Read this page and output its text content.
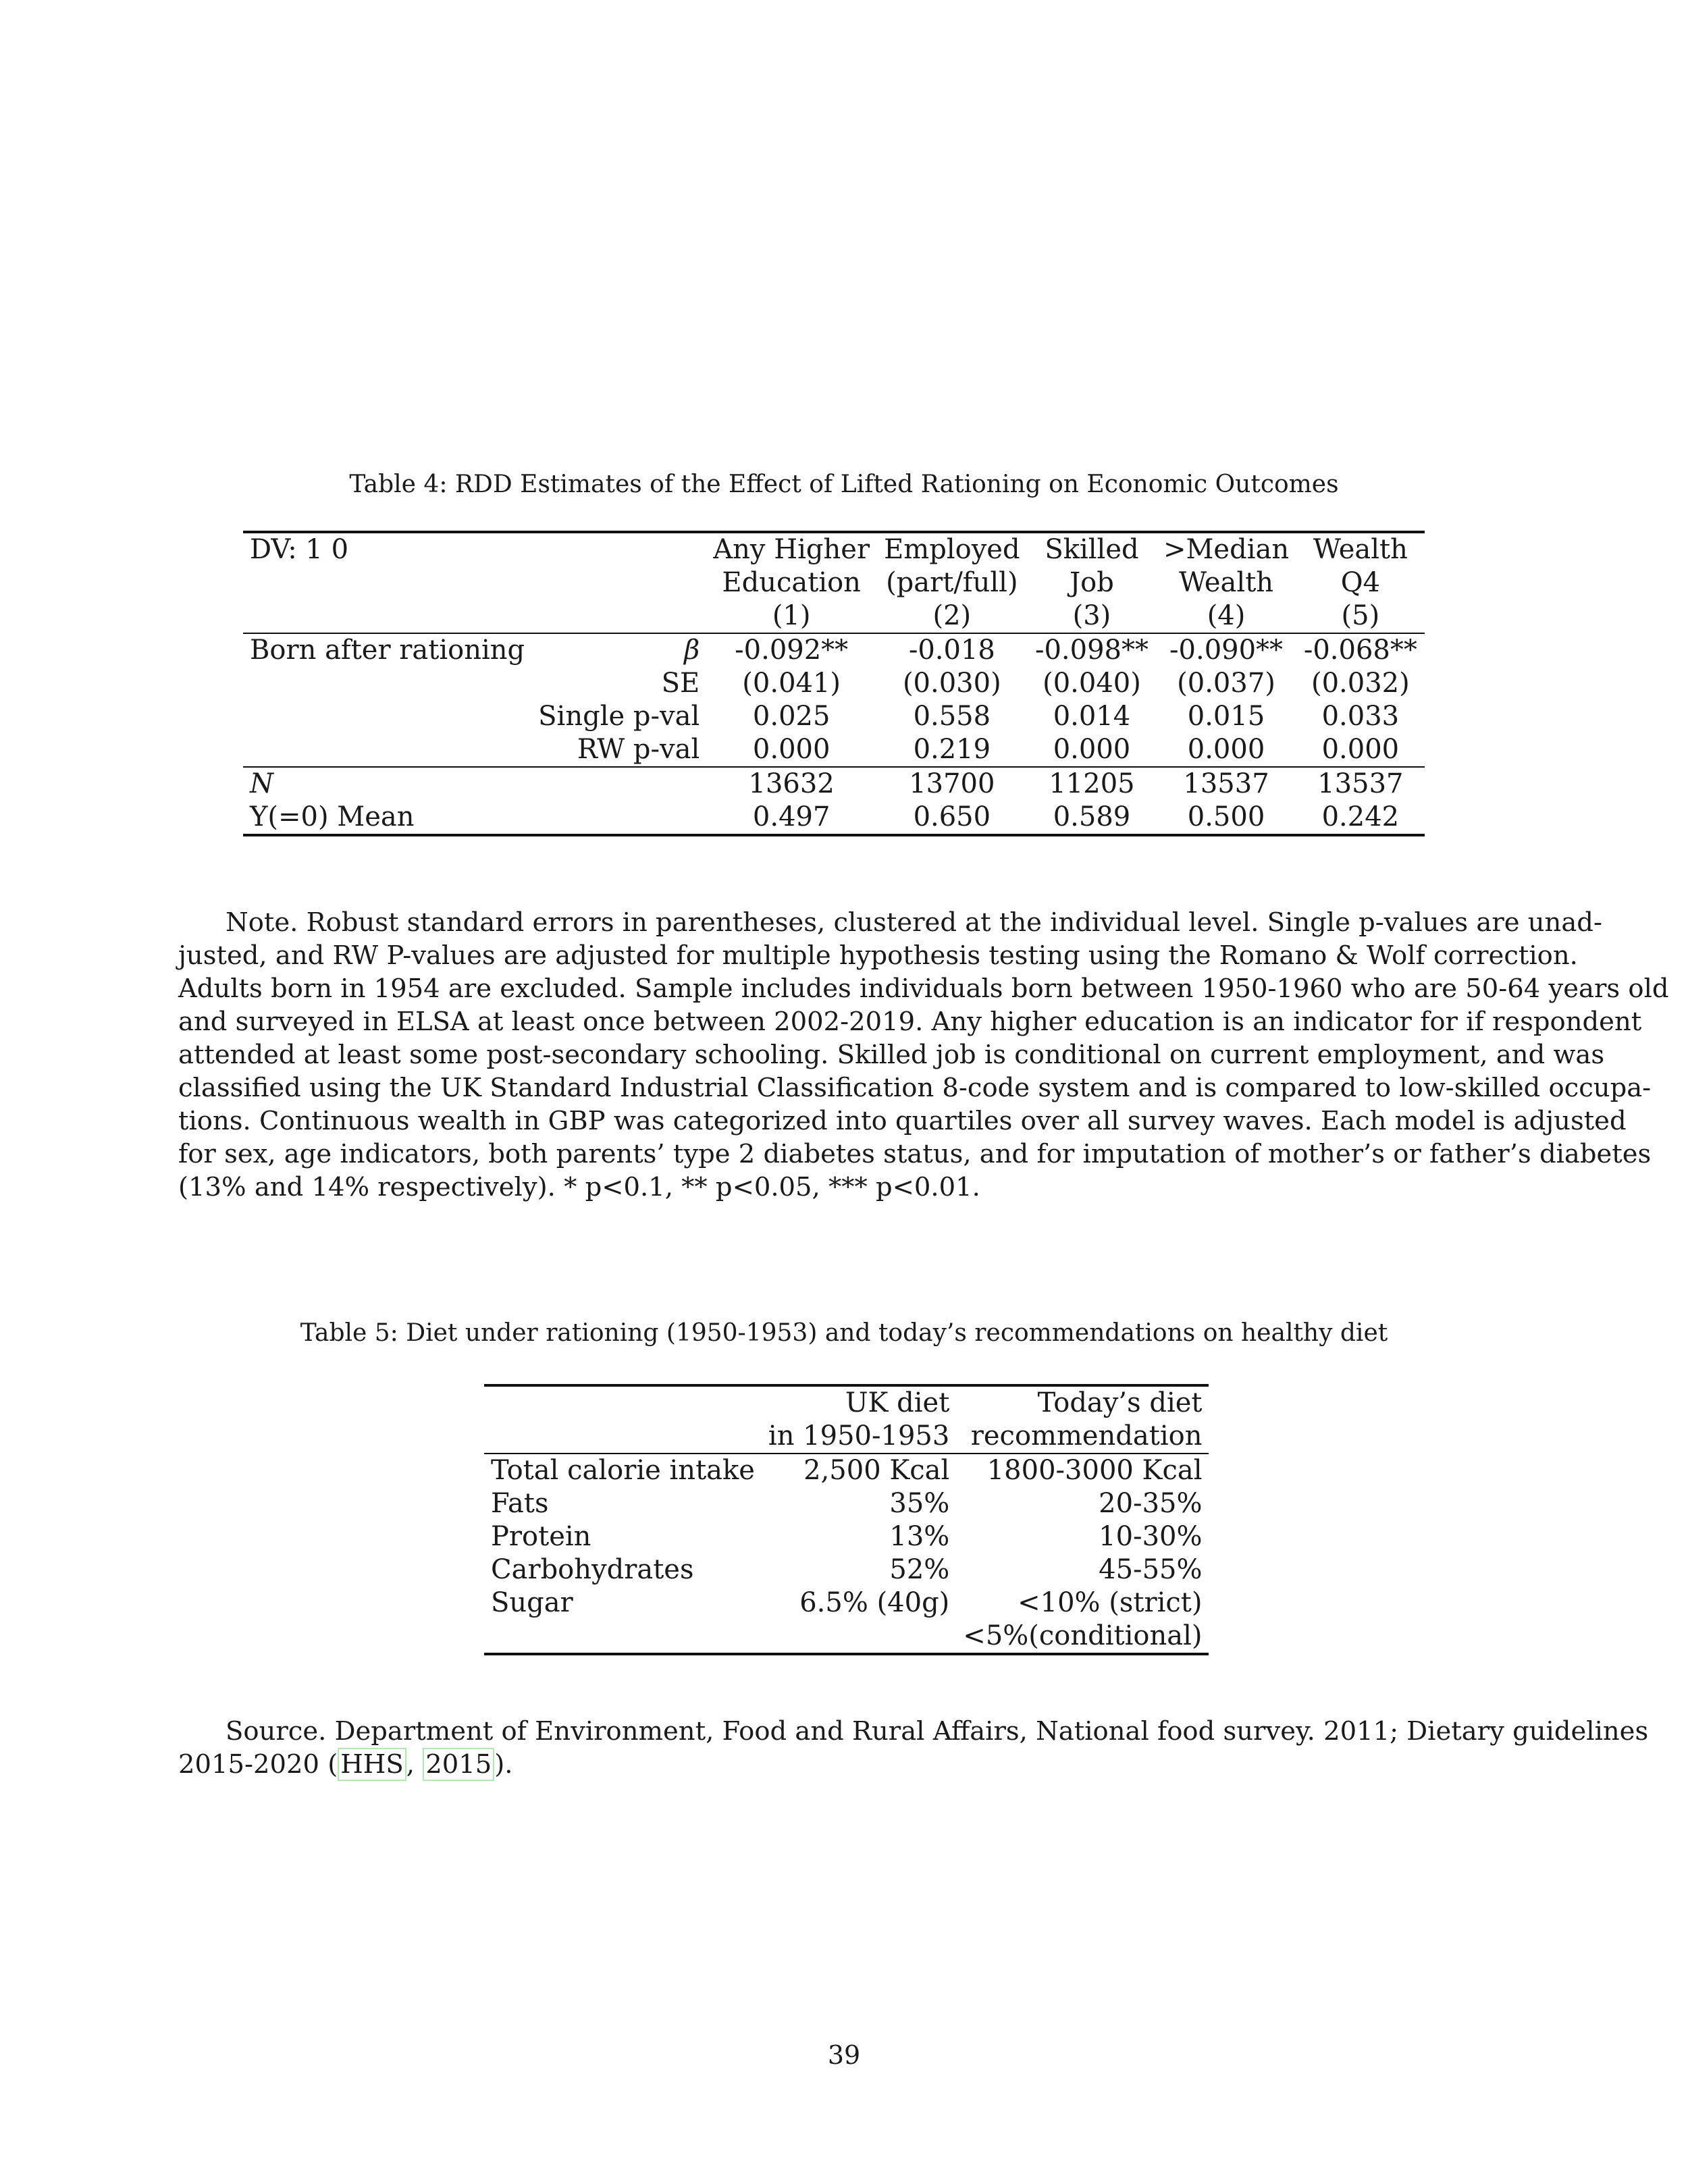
Table 4: RDD Estimates of the Effect of Lifted Rationing on Economic Outcomes
DV: 1 0		Any Higher	Employed	Skilled	>Median	Wealth
		Education	(part/full)	Job	Wealth	Q4
		(1)	(2)	(3)	(4)	(5)
Born after rationing	β	-0.092**	-0.018	-0.098**	-0.090**	-0.068**
	SE	(0.041)	(0.030)	(0.040)	(0.037)	(0.032)
	Single p-val	0.025	0.558	0.014	0.015	0.033
	RW p-val	0.000	0.219	0.000	0.000	0.000
N		13632	13700	11205	13537	13537
Y(=0) Mean		0.497	0.650	0.589	0.500	0.242
Note. Robust standard errors in parentheses, clustered at the individual level. Single p-values are unad-
justed, and RW P-values are adjusted for multiple hypothesis testing using the Romano & Wolf correction.
Adults born in 1954 are excluded. Sample includes individuals born between 1950-1960 who are 50-64 years old
and surveyed in ELSA at least once between 2002-2019. Any higher education is an indicator for if respondent
attended at least some post-secondary schooling. Skilled job is conditional on current employment, and was
classified using the UK Standard Industrial Classification 8-code system and is compared to low-skilled occupa-
tions. Continuous wealth in GBP was categorized into quartiles over all survey waves. Each model is adjusted
for sex, age indicators, both parents’ type 2 diabetes status, and for imputation of mother’s or father’s diabetes
(13% and 14% respectively). * p<0.1, ** p<0.05, *** p<0.01.
Table 5: Diet under rationing (1950-1953) and today’s recommendations on healthy diet
	UK diet	Today’s diet
	in 1950-1953	recommendation
Total calorie intake	2,500 Kcal	1800-3000 Kcal
Fats	35%	20-35%
Protein	13%	10-30%
Carbohydrates	52%	45-55%
Sugar	6.5% (40g)	<10% (strict)
		<5%(conditional)
Source. Department of Environment, Food and Rural Affairs, National food survey. 2011; Dietary guidelines
2015-2020 ( HHS , 2015 ).
39
